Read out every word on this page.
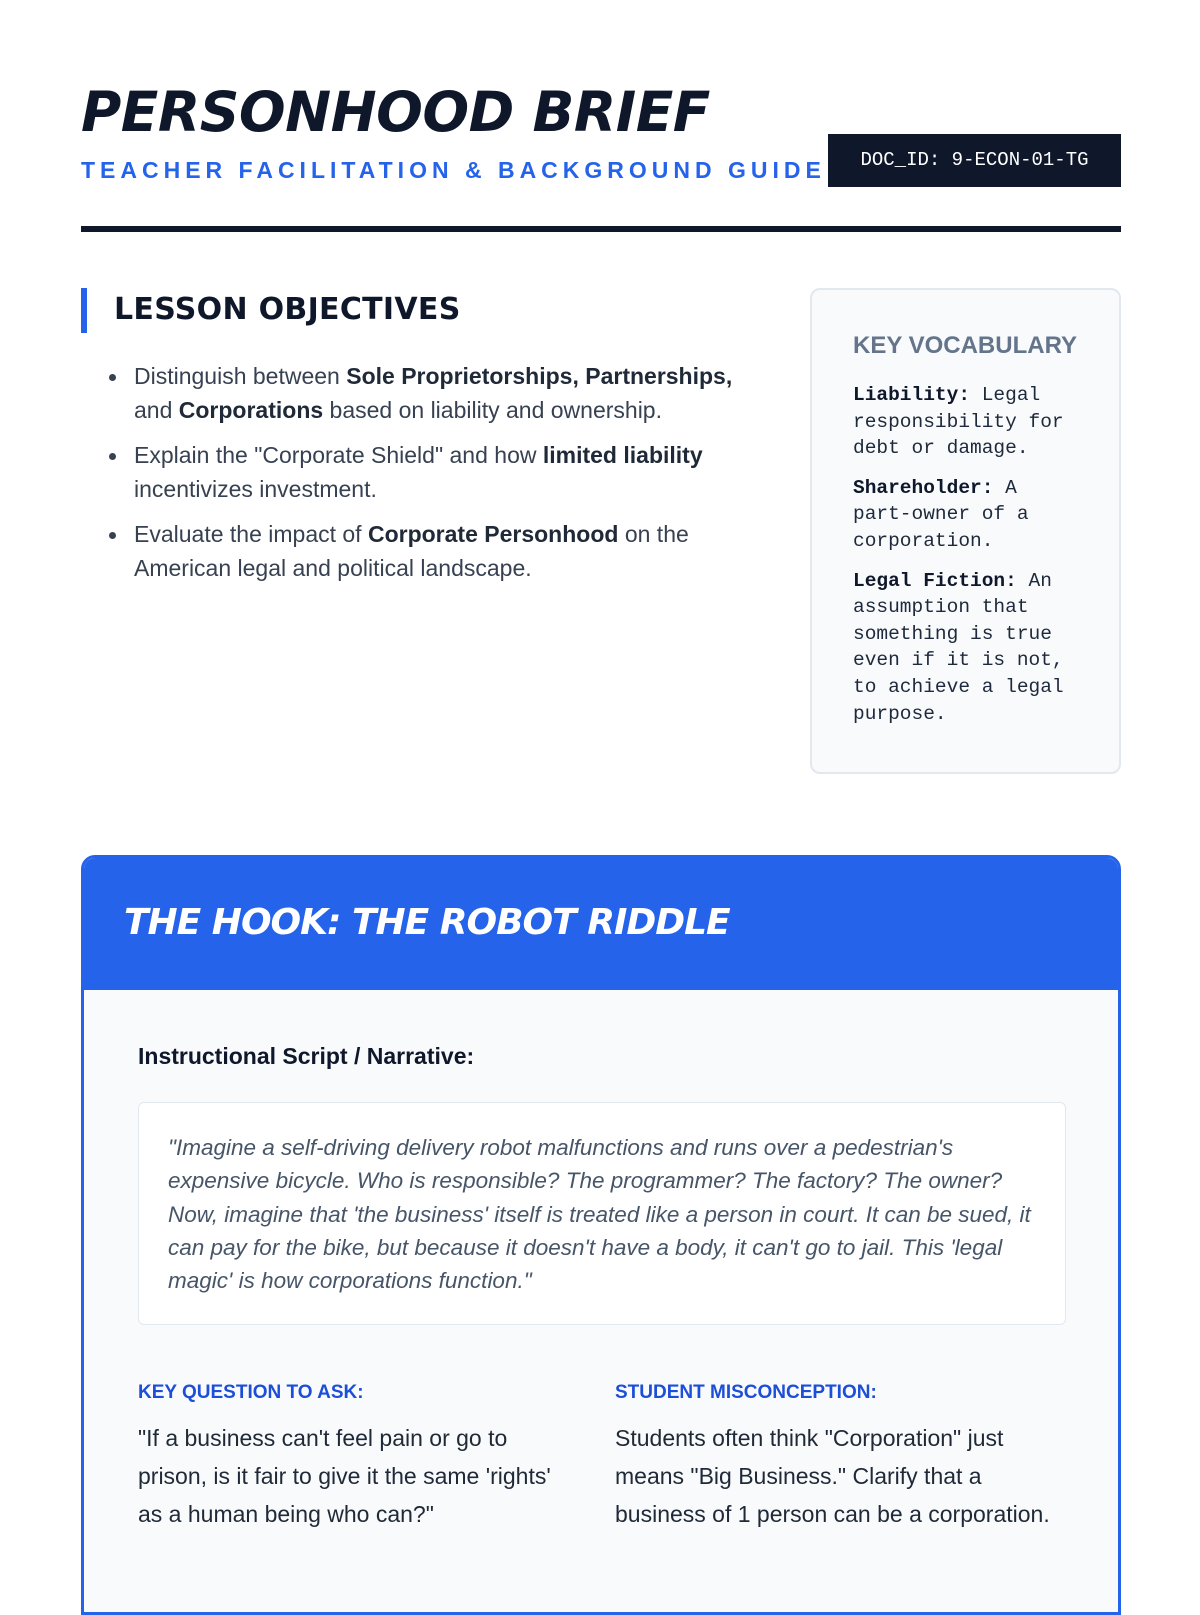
PERSONHOOD BRIEF
TEACHER FACILITATION & BACKGROUND GUIDE	DOC_ID: 9-ECON-01-TG
LESSON OBJECTIVES
Distinguish between Sole Proprietorships, Partnerships, and Corporations based on liability and ownership.
Explain the "Corporate Shield" and how limited liability incentivizes investment.
Evaluate the impact of Corporate Personhood on the American legal and political landscape.
KEY VOCABULARY
Liability: Legal responsibility for debt or damage.
Shareholder: A part-owner of a corporation.
Legal Fiction: An assumption that something is true even if it is not, to achieve a legal purpose.
THE HOOK: THE ROBOT RIDDLE
Instructional Script / Narrative:

"Imagine a self-driving delivery robot malfunctions and runs over a pedestrian's expensive bicycle. Who is responsible? The programmer? The factory? The owner? Now, imagine that 'the business' itself is treated like a person in court. It can be sued, it can pay for the bike, but because it doesn't have a body, it can't go to jail. This 'legal magic' is how corporations function."

KEY QUESTION TO ASK:
"If a business can't feel pain or go to prison, is it fair to give it the same 'rights' as a human being who can?"
STUDENT MISCONCEPTION:
Students often think "Corporation" just means "Big Business." Clarify that a business of 1 person can be a corporation.
